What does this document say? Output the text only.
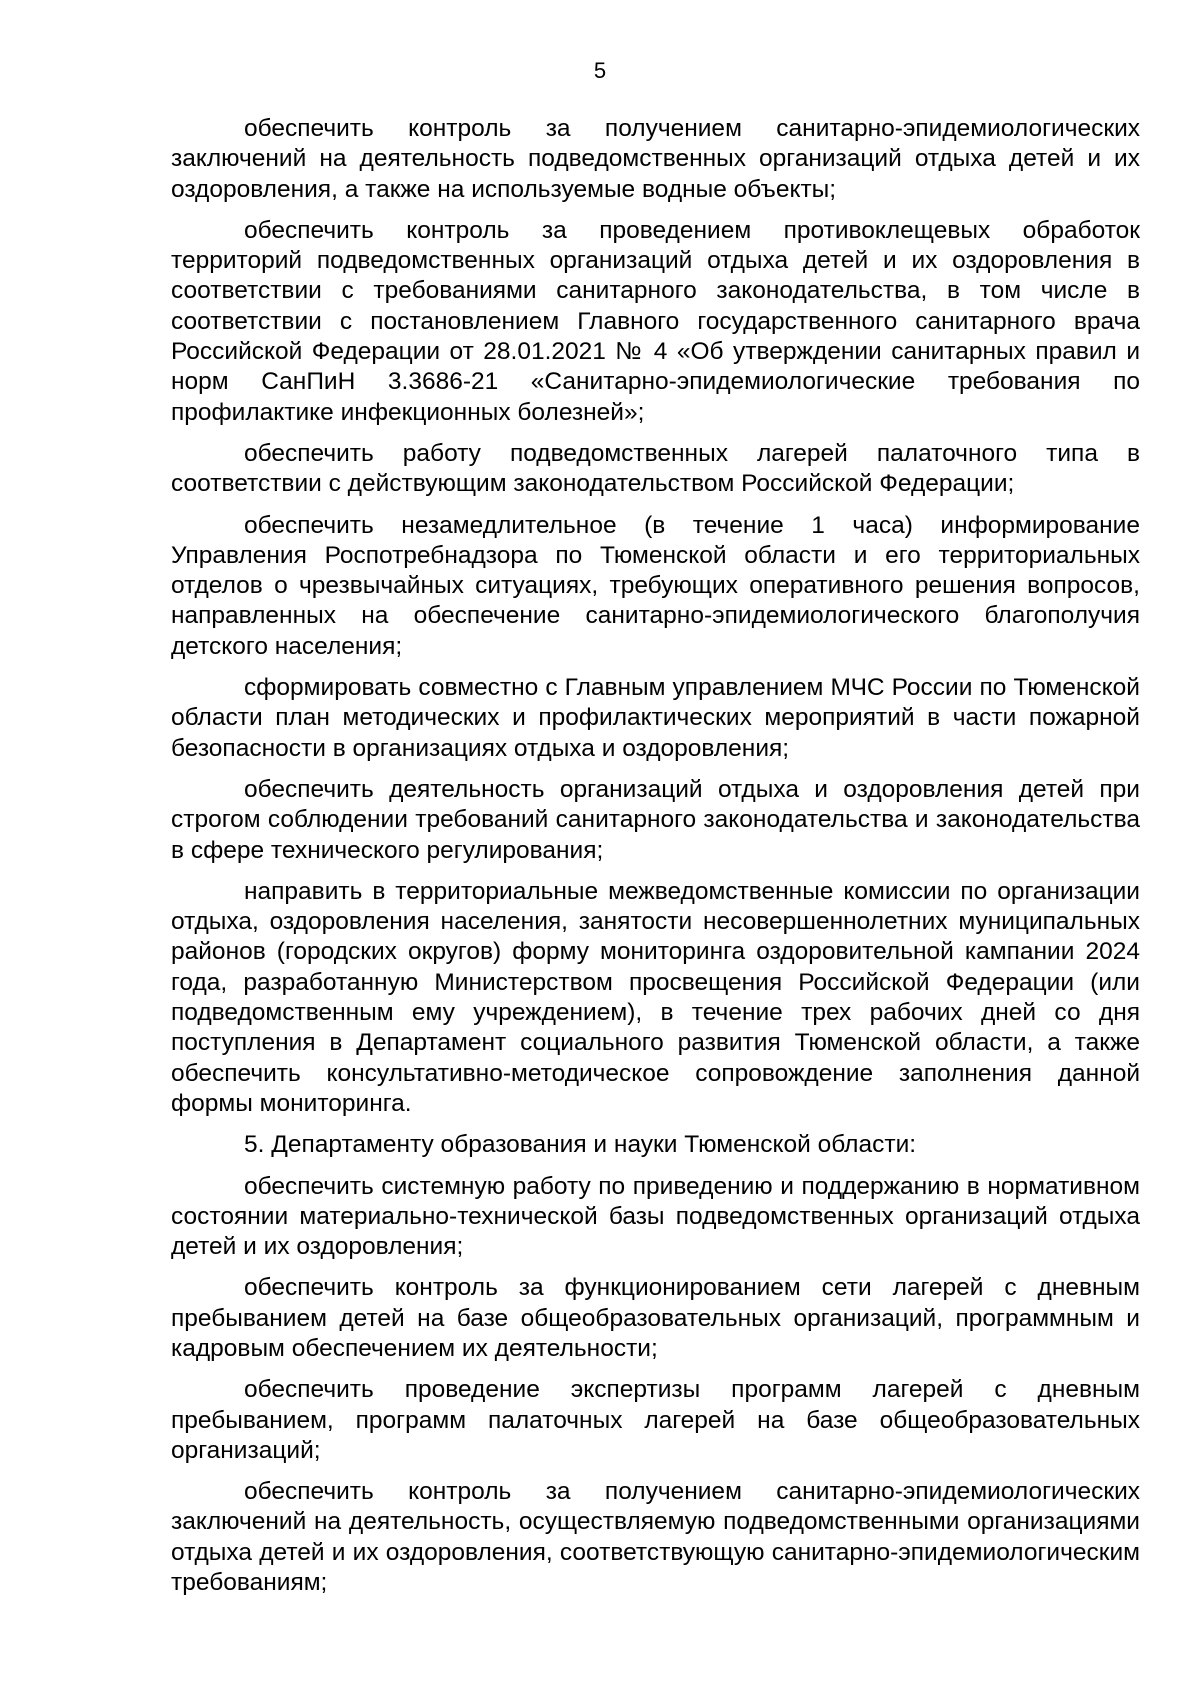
5

обеспечить контроль за получением санитарно-эпидемиологических заключений на деятельность подведомственных организаций отдыха детей и их оздоровления, а также на используемые водные объекты;

обеспечить контроль за проведением противоклещевых обработок территорий подведомственных организаций отдыха детей и их оздоровления в соответствии с требованиями санитарного законодательства, в том числе в соответствии с постановлением Главного государственного санитарного врача Российской Федерации от 28.01.2021 № 4 «Об утверждении санитарных правил и норм СанПиН 3.3686-21 «Санитарно-эпидемиологические требования по профилактике инфекционных болезней»;

обеспечить работу подведомственных лагерей палаточного типа в соответствии с действующим законодательством Российской Федерации;

обеспечить незамедлительное (в течение 1 часа) информирование Управления Роспотребнадзора по Тюменской области и его территориальных отделов о чрезвычайных ситуациях, требующих оперативного решения вопросов, направленных на обеспечение санитарно-эпидемиологического благополучия детского населения;

сформировать совместно с Главным управлением МЧС России по Тюменской области план методических и профилактических мероприятий в части пожарной безопасности в организациях отдыха и оздоровления;

обеспечить деятельность организаций отдыха и оздоровления детей при строгом соблюдении требований санитарного законодательства и законодательства в сфере технического регулирования;

направить в территориальные межведомственные комиссии по организации отдыха, оздоровления населения, занятости несовершеннолетних муниципальных районов (городских округов) форму мониторинга оздоровительной кампании 2024 года, разработанную Министерством просвещения Российской Федерации (или подведомственным ему учреждением), в течение трех рабочих дней со дня поступления в Департамент социального развития Тюменской области, а также обеспечить консультативно-методическое сопровождение заполнения данной формы мониторинга.

5. Департаменту образования и науки Тюменской области:

обеспечить системную работу по приведению и поддержанию в нормативном состоянии материально-технической базы подведомственных организаций отдыха детей и их оздоровления;

обеспечить контроль за функционированием сети лагерей с дневным пребыванием детей на базе общеобразовательных организаций, программным и кадровым обеспечением их деятельности;

обеспечить проведение экспертизы программ лагерей с дневным пребыванием, программ палаточных лагерей на базе общеобразовательных организаций;

обеспечить контроль за получением санитарно-эпидемиологических заключений на деятельность, осуществляемую подведомственными организациями отдыха детей и их оздоровления, соответствующую санитарно-эпидемиологическим требованиям;
